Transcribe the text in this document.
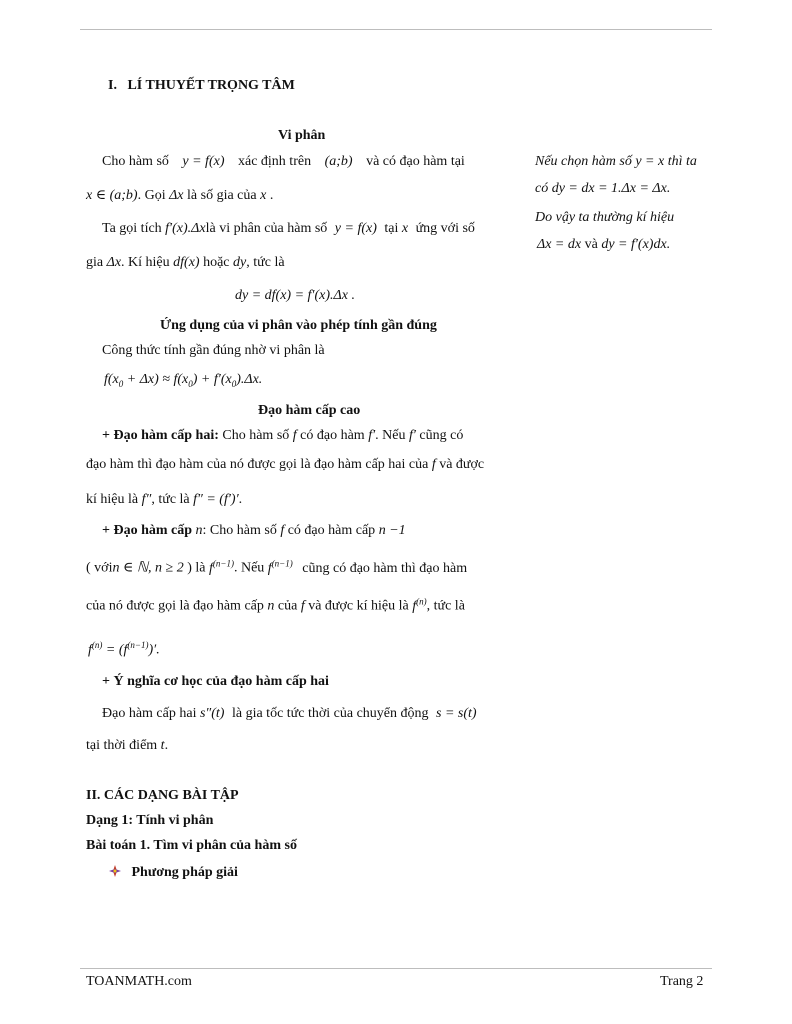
I.   LÍ THUYẾT TRỌNG TÂM
Vi phân
Cho hàm số y = f(x) xác định trên (a;b) và có đạo hàm tại
x ∈ (a;b). Gọi Δx là số gia của x .
Ta gọi tích f′(x).Δxlà vi phân của hàm số y = f(x) tại x ứng với số
gia Δx. Kí hiệu df(x) hoặc dy, tức là
dy = df(x) = f′(x).Δx .
Ứng dụng của vi phân vào phép tính gần đúng
Công thức tính gần đúng nhờ vi phân là
$f(x_0 + \Delta x) \approx f(x_0) + f'(x_0).\Delta x$.
Đạo hàm cấp cao
+ Đạo hàm cấp hai: Cho hàm số f có đạo hàm f′. Nếu f′ cũng có
đạo hàm thì đạo hàm của nó được gọi là đạo hàm cấp hai của f và được
kí hiệu là f″, tức là f″ = (f′)′.
+ Đạo hàm cấp n: Cho hàm số f có đạo hàm cấp n −1
( vớin ∈ ℕ, n ≥ 2 ) là $f^{(n-1)}$. Nếu $f^{(n-1)}$ cũng có đạo hàm thì đạo hàm
của nó được gọi là đạo hàm cấp n của f và được kí hiệu là $f^{(n)}$, tức là
$f^{(n)} = (f^{(n-1)})'$.
+ Ý nghĩa cơ học của đạo hàm cấp hai
Đạo hàm cấp hai s″(t) là gia tốc tức thời của chuyển động s = s(t)
tại thời điểm t.
Nếu chọn hàm số y = x thì ta
có dy = dx = 1.Δx = Δx.
Do vậy ta thường kí hiệu
Δx = dx và dy = f′(x)dx.
II. CÁC DẠNG BÀI TẬP
Dạng 1: Tính vi phân
Bài toán 1. Tìm vi phân của hàm số
Phương pháp giải
TOANMATH.com	Trang 2
